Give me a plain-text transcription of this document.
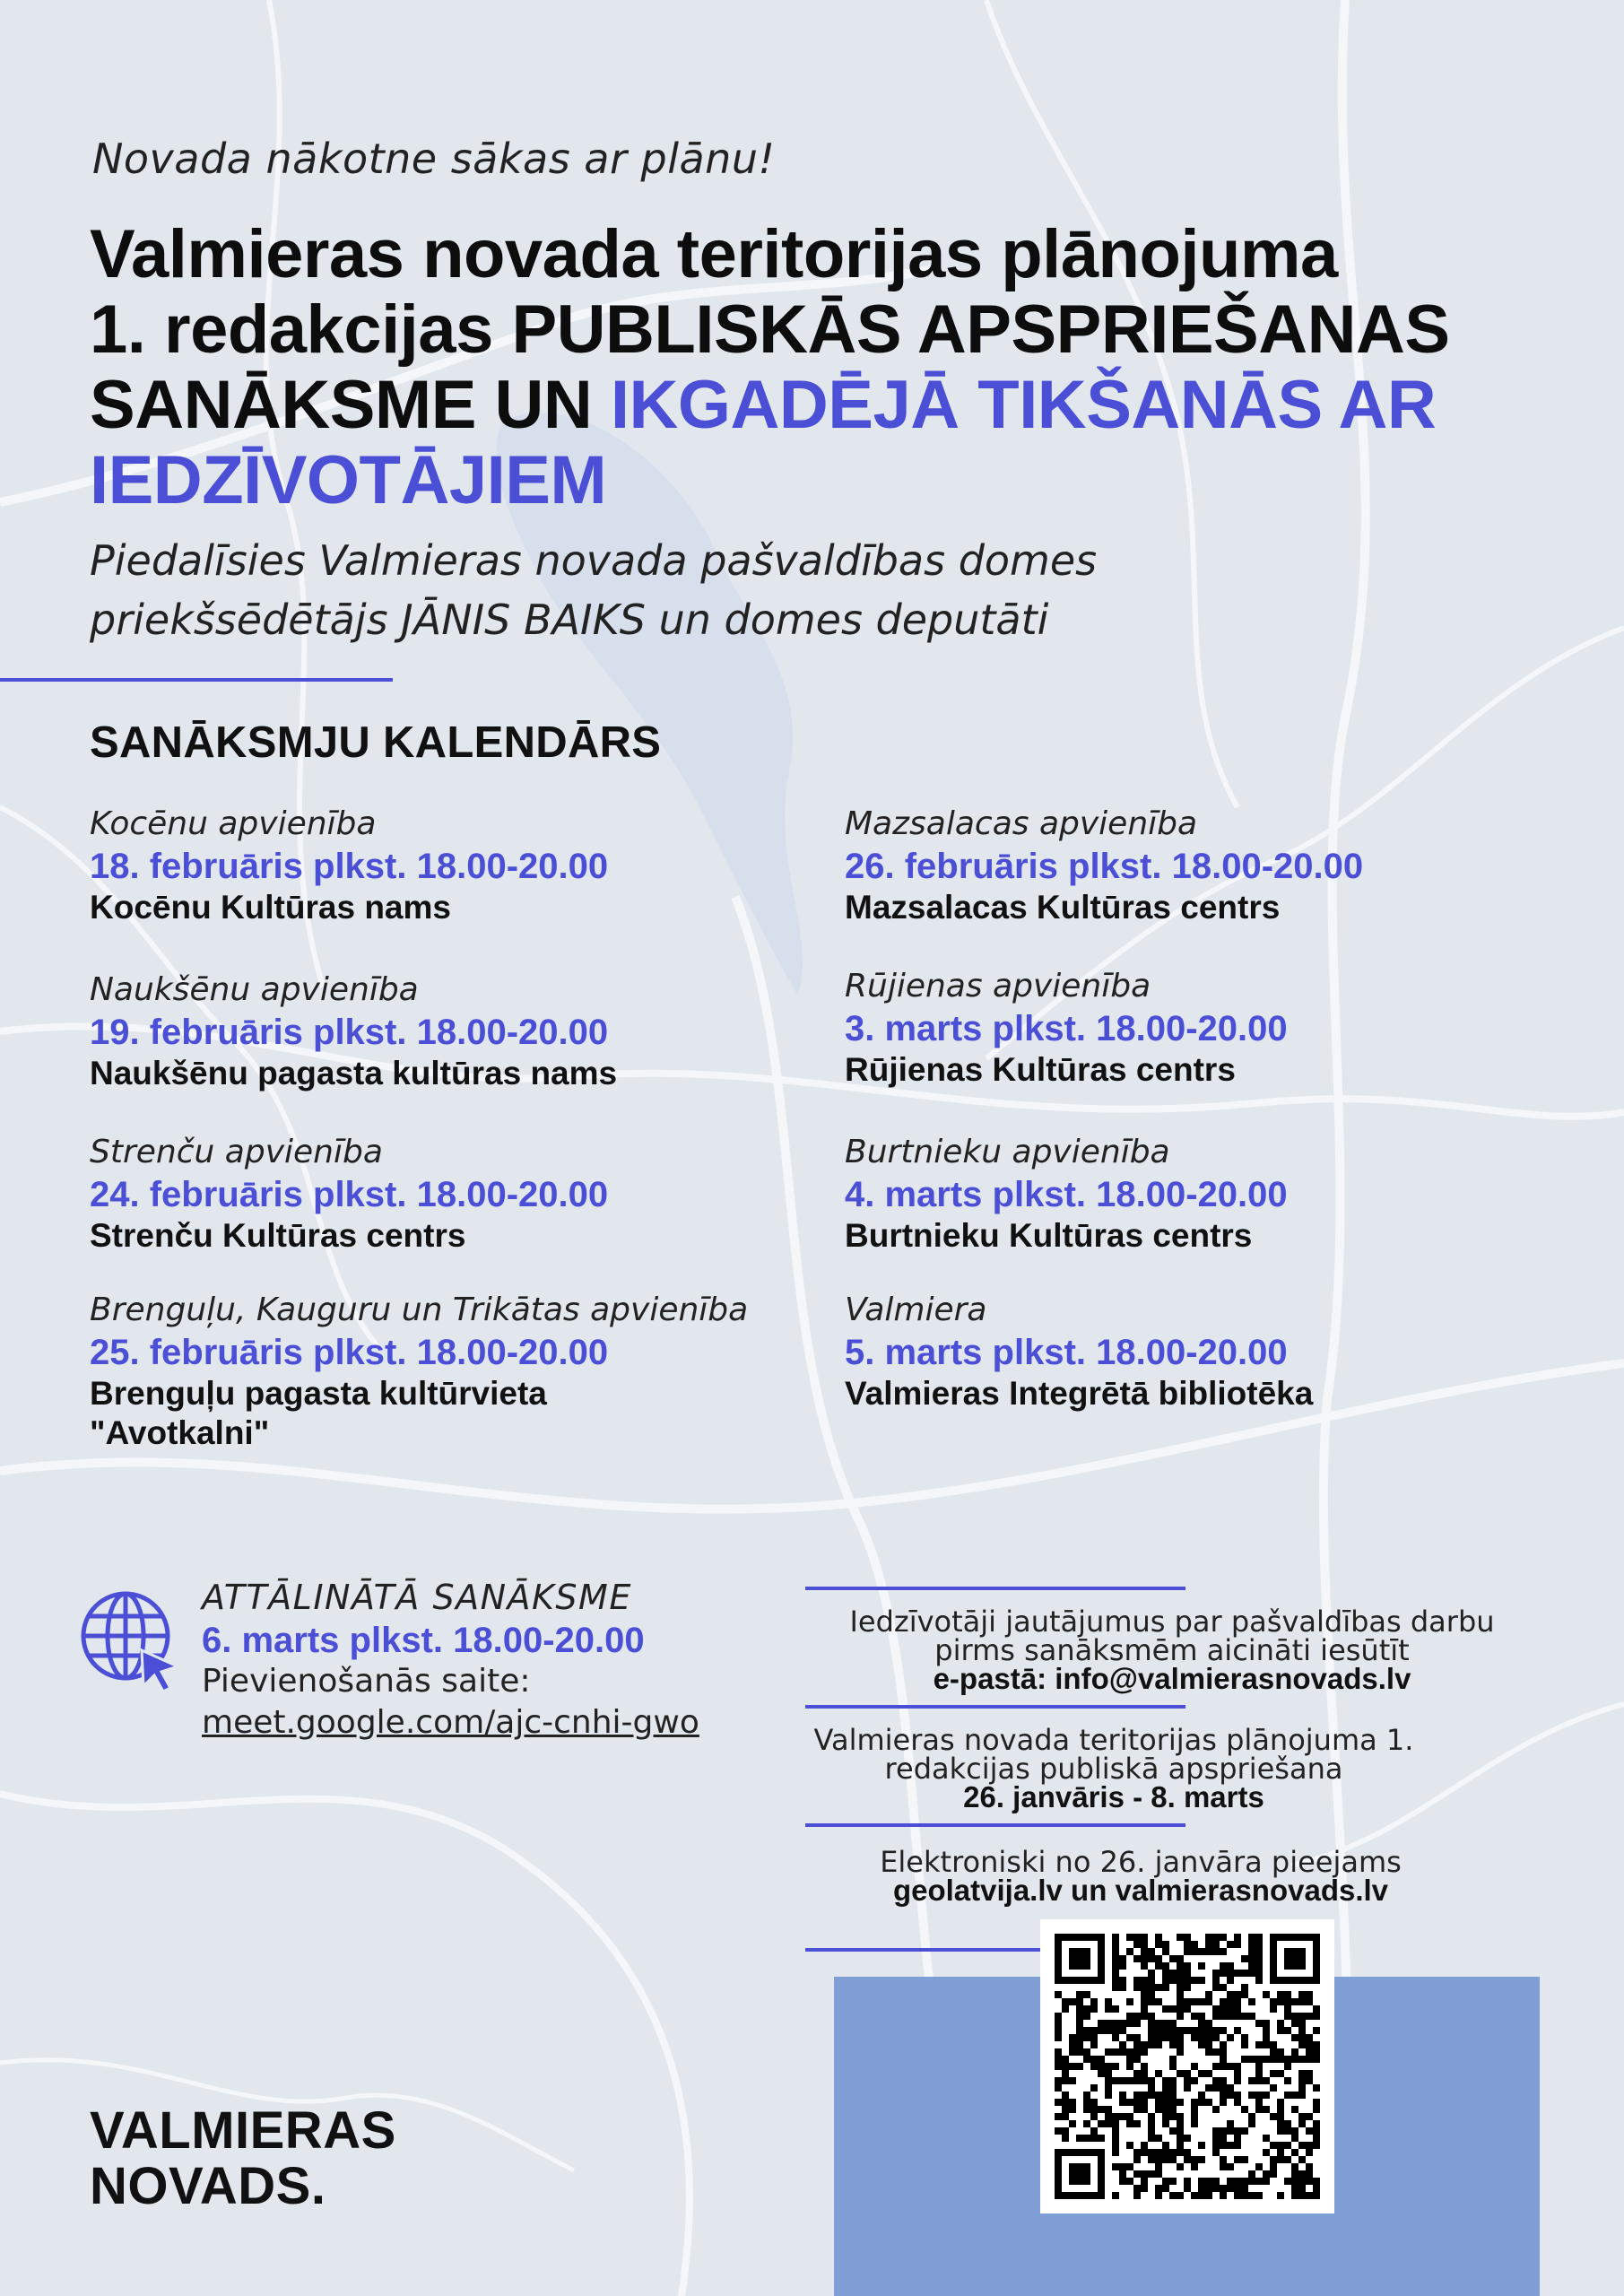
Novada nākotne sākas ar plānu!
Valmieras novada teritorijas plānojuma
1. redakcijas PUBLISKĀS APSPRIEŠANAS
SANĀKSME UN IKGADĒJĀ TIKŠANĀS AR
IEDZĪVOTĀJIEM
Piedalīsies Valmieras novada pašvaldības domes
priekšsēdētājs JĀNIS BAIKS un domes deputāti
SANĀKSMJU KALENDĀRS
Kocēnu apvienība
18. februāris plkst. 18.00-20.00
Kocēnu Kultūras nams
Naukšēnu apvienība
19. februāris plkst. 18.00-20.00
Naukšēnu pagasta kultūras nams
Strenču apvienība
24. februāris plkst. 18.00-20.00
Strenču Kultūras centrs
Brenguļu, Kauguru un Trikātas apvienība
25. februāris plkst. 18.00-20.00
Brenguļu pagasta kultūrvieta
"Avotkalni"
Mazsalacas apvienība
26. februāris plkst. 18.00-20.00
Mazsalacas Kultūras centrs
Rūjienas apvienība
3. marts plkst. 18.00-20.00
Rūjienas Kultūras centrs
Burtnieku apvienība
4. marts plkst. 18.00-20.00
Burtnieku Kultūras centrs
Valmiera
5. marts plkst. 18.00-20.00
Valmieras Integrētā bibliotēka
ATTĀLINĀTĀ SANĀKSME
6. marts plkst. 18.00-20.00
Pievienošanās saite:
meet.google.com/ajc-cnhi-gwo
Iedzīvotāji jautājumus par pašvaldības darbu
pirms sanāksmēm aicināti iesūtīt
e-pastā: info@valmierasnovads.lv
Valmieras novada teritorijas plānojuma 1.
redakcijas publiskā apspriešana
26. janvāris - 8. marts
Elektroniski no 26. janvāra pieejams
geolatvija.lv un valmierasnovads.lv
VALMIERAS
NOVADS.
